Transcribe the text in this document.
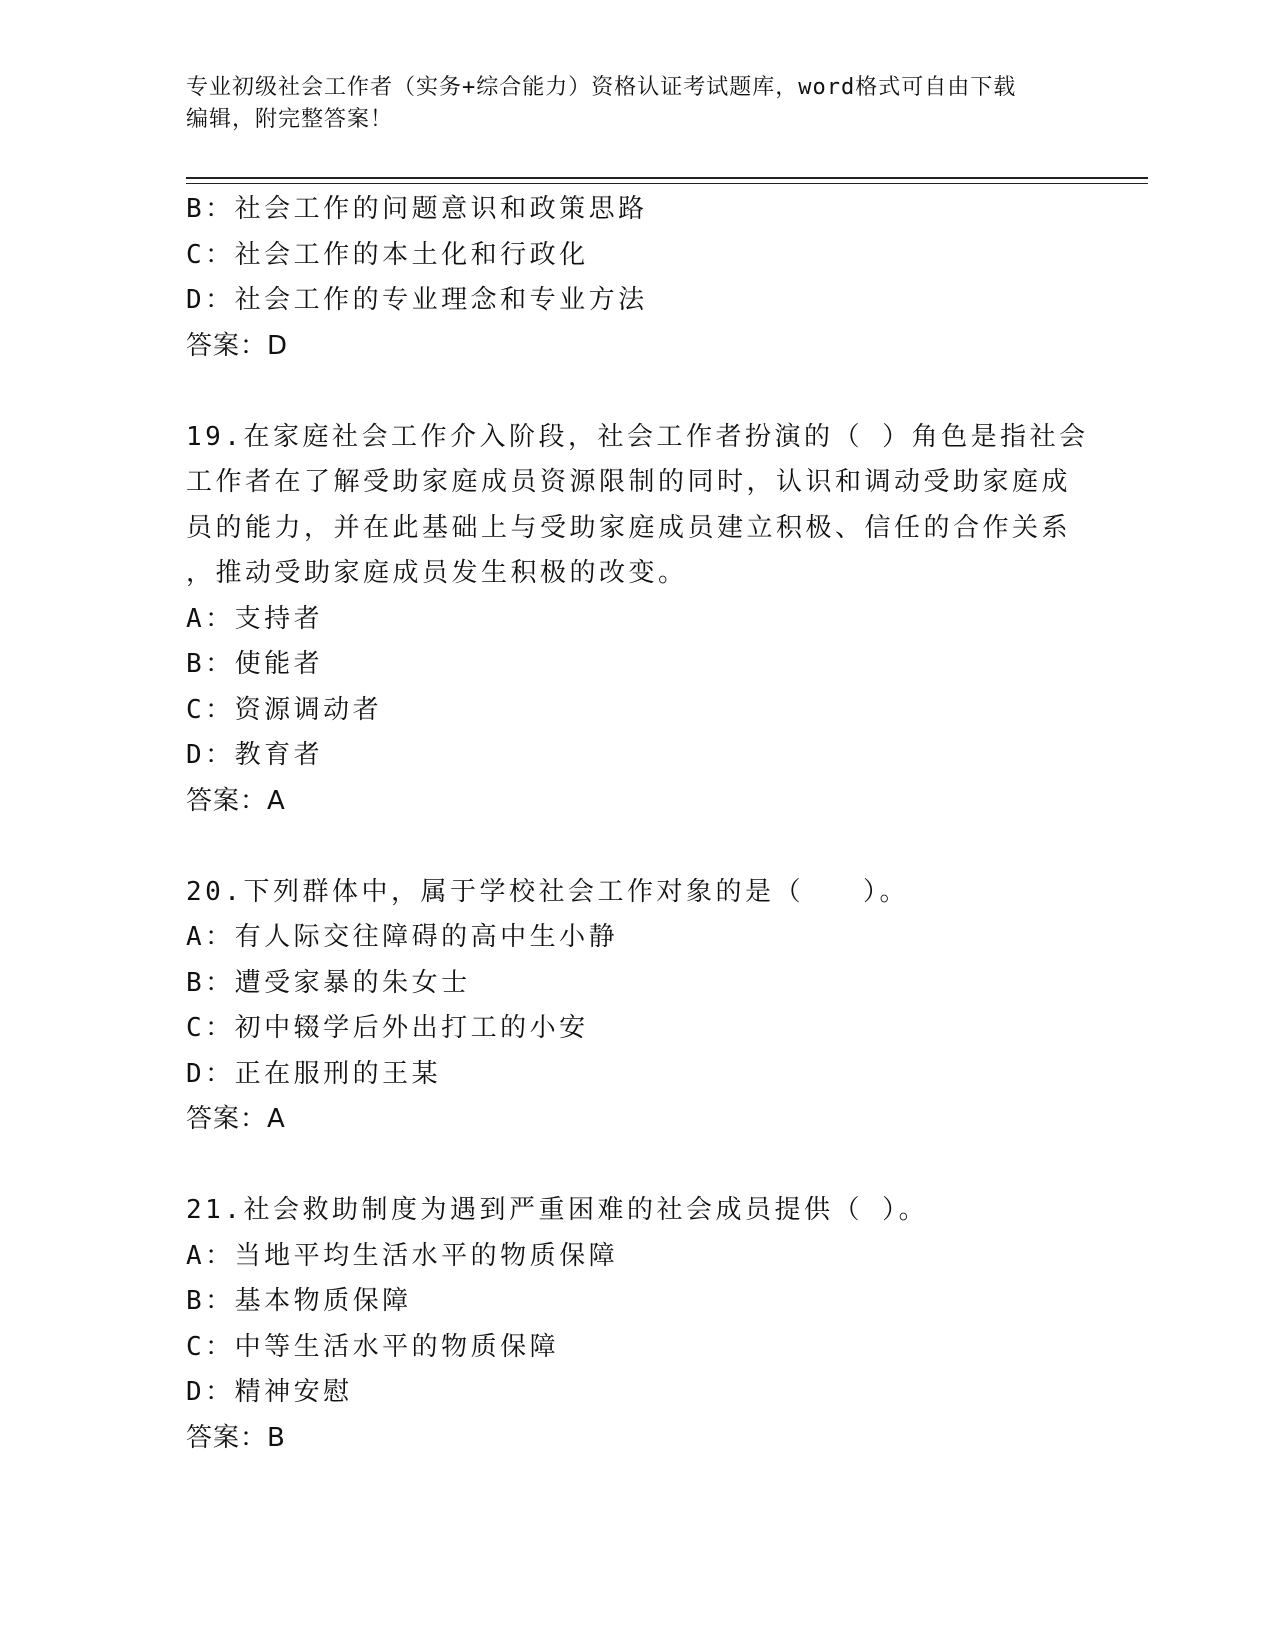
专业初级社会工作者（实务+综合能力）资格认证考试题库，word格式可自由下载
编辑，附完整答案！
B：社会工作的问题意识和政策思路
C：社会工作的本土化和行政化
D：社会工作的专业理念和专业方法
答案：D
19.在家庭社会工作介入阶段，社会工作者扮演的（ ）角色是指社会
工作者在了解受助家庭成员资源限制的同时，认识和调动受助家庭成
员的能力，并在此基础上与受助家庭成员建立积极、信任的合作关系
，推动受助家庭成员发生积极的改变。
A：支持者
B：使能者
C：资源调动者
D：教育者
答案：A
20.下列群体中，属于学校社会工作对象的是（　　）。
A：有人际交往障碍的高中生小静
B：遭受家暴的朱女士
C：初中辍学后外出打工的小安
D：正在服刑的王某
答案：A
21.社会救助制度为遇到严重困难的社会成员提供（ ）。
A：当地平均生活水平的物质保障
B：基本物质保障
C：中等生活水平的物质保障
D：精神安慰
答案：B
